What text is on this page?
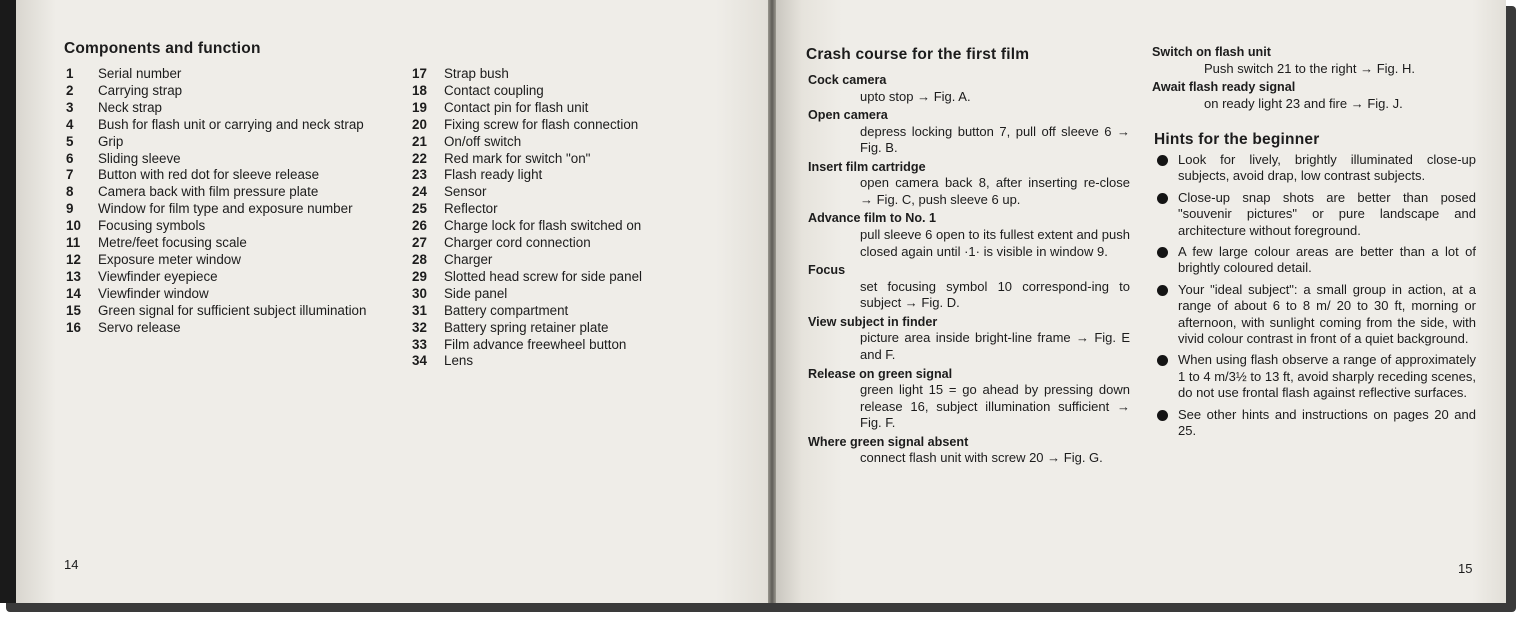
Components and function
1	Serial number
2	Carrying strap
3	Neck strap
4	Bush for flash unit or carrying and neck strap
5	Grip
6	Sliding sleeve
7	Button with red dot for sleeve release
8	Camera back with film pressure plate
9	Window for film type and exposure number
10	Focusing symbols
11	Metre/feet focusing scale
12	Exposure meter window
13	Viewfinder eyepiece
14	Viewfinder window
15	Green signal for sufficient subject illumination
16	Servo release
17	Strap bush
18	Contact coupling
19	Contact pin for flash unit
20	Fixing screw for flash connection
21	On/off switch
22	Red mark for switch "on"
23	Flash ready light
24	Sensor
25	Reflector
26	Charge lock for flash switched on
27	Charger cord connection
28	Charger
29	Slotted head screw for side panel
30	Side panel
31	Battery compartment
32	Battery spring retainer plate
33	Film advance freewheel button
34	Lens
14
Crash course for the first film
Cock camera
upto stop → Fig. A.
Open camera
depress locking button 7, pull off sleeve 6 → Fig. B.
Insert film cartridge
open camera back 8, after inserting re-close → Fig. C, push sleeve 6 up.
Advance film to No. 1
pull sleeve 6 open to its fullest extent and push closed again until ·1· is visible in window 9.
Focus
set focusing symbol 10 correspond-ing to subject → Fig. D.
View subject in finder
picture area inside bright-line frame → Fig. E and F.
Release on green signal
green light 15 = go ahead by pressing down release 16, subject illumination sufficient → Fig. F.
Where green signal absent
connect flash unit with screw 20 → Fig. G.
Switch on flash unit
Push switch 21 to the right → Fig. H.
Await flash ready signal
on ready light 23 and fire → Fig. J.
Hints for the beginner
Look for lively, brightly illuminated close-up subjects, avoid drap, low contrast subjects.
Close-up snap shots are better than posed "souvenir pictures" or pure landscape and architecture without foreground.
A few large colour areas are better than a lot of brightly coloured detail.
Your "ideal subject": a small group in action, at a range of about 6 to 8 m/ 20 to 30 ft, morning or afternoon, with sunlight coming from the side, with vivid colour contrast in front of a quiet background.
When using flash observe a range of approximately 1 to 4 m/3½ to 13 ft, avoid sharply receding scenes, do not use frontal flash against reflective surfaces.
See other hints and instructions on pages 20 and 25.
15
